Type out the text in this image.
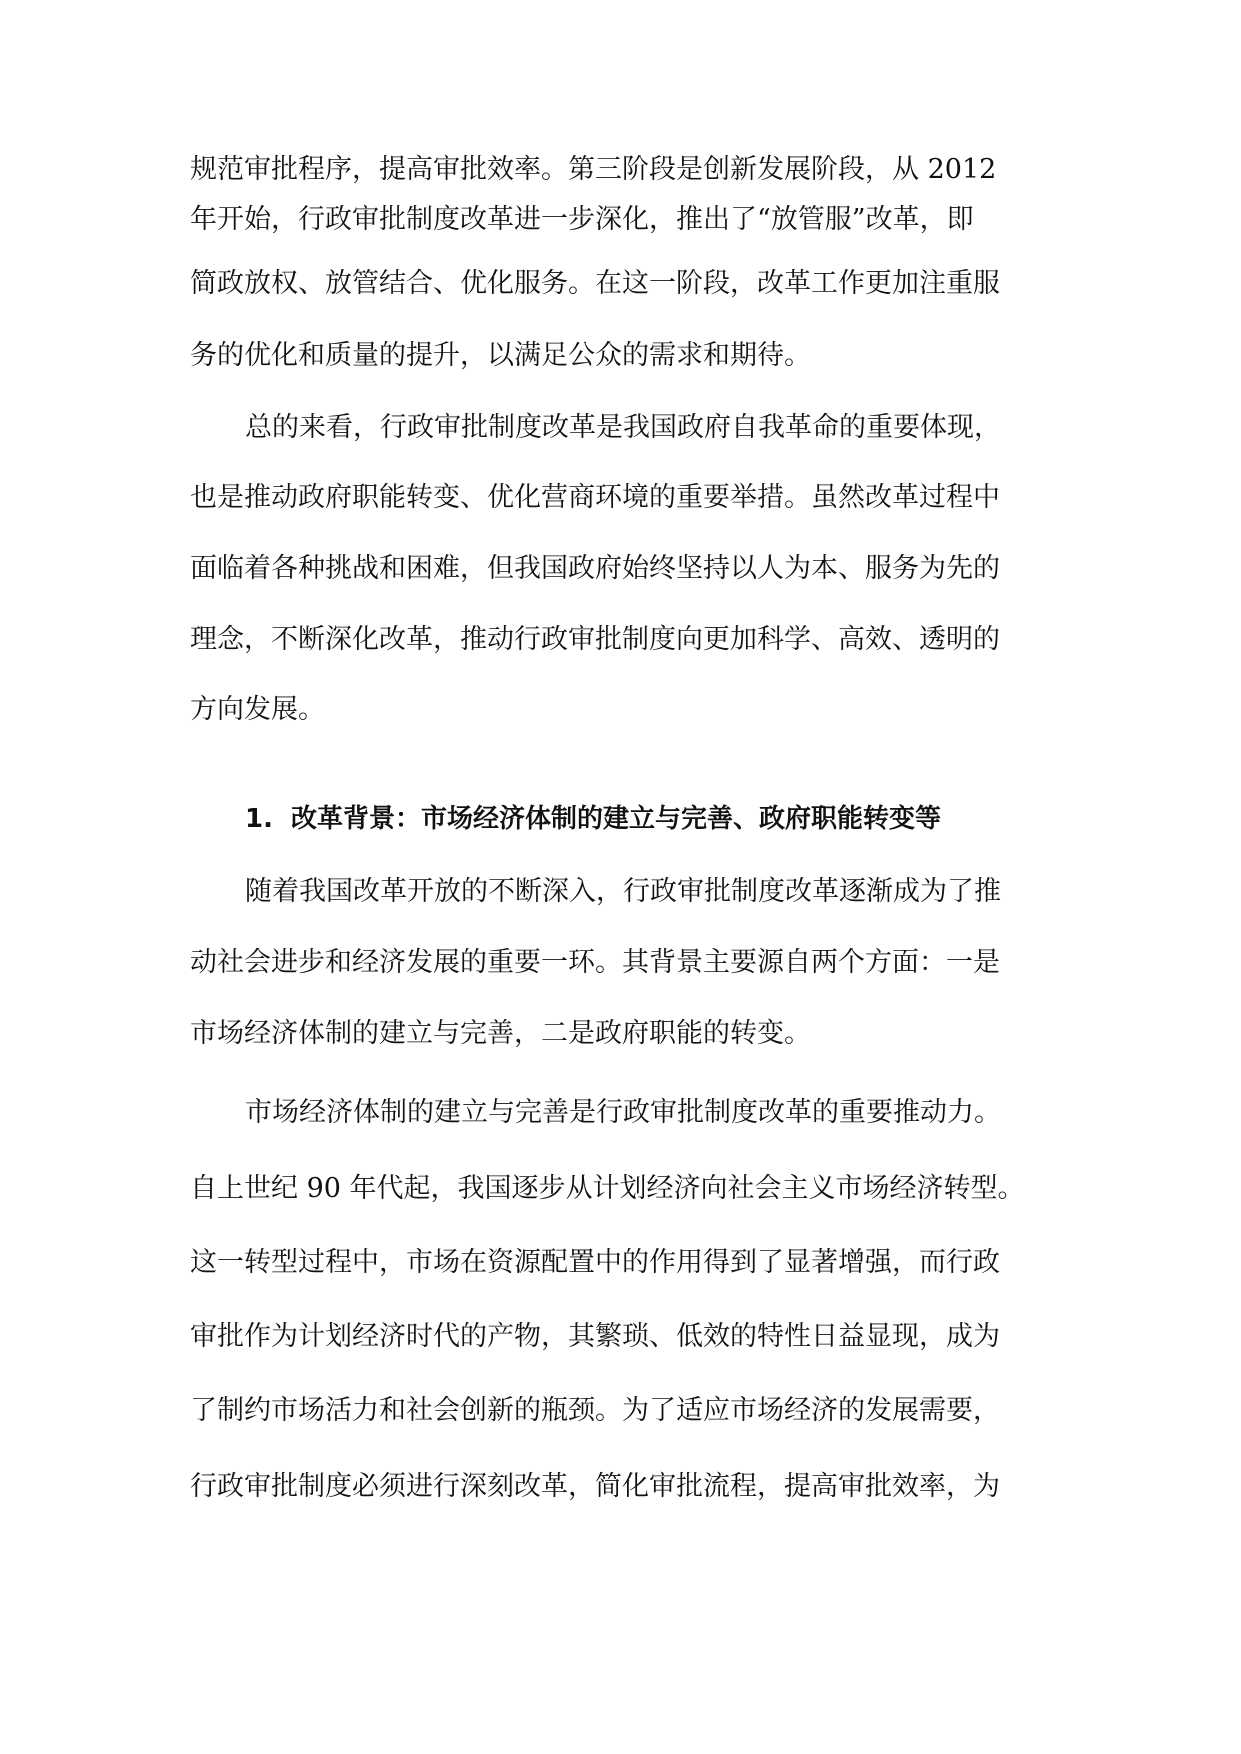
规范审批程序，提高审批效率。第三阶段是创新发展阶段，从 2012
年开始，行政审批制度改革进一步深化，推出了“放管服”改革，即
简政放权、放管结合、优化服务。在这一阶段，改革工作更加注重服
务的优化和质量的提升，以满足公众的需求和期待。
总的来看，行政审批制度改革是我国政府自我革命的重要体现，
也是推动政府职能转变、优化营商环境的重要举措。虽然改革过程中
面临着各种挑战和困难，但我国政府始终坚持以人为本、服务为先的
理念，不断深化改革，推动行政审批制度向更加科学、高效、透明的
方向发展。
1. 改革背景：市场经济体制的建立与完善、政府职能转变等
随着我国改革开放的不断深入，行政审批制度改革逐渐成为了推
动社会进步和经济发展的重要一环。其背景主要源自两个方面：一是
市场经济体制的建立与完善，二是政府职能的转变。
市场经济体制的建立与完善是行政审批制度改革的重要推动力。
自上世纪 90 年代起，我国逐步从计划经济向社会主义市场经济转型。
这一转型过程中，市场在资源配置中的作用得到了显著增强，而行政
审批作为计划经济时代的产物，其繁琐、低效的特性日益显现，成为
了制约市场活力和社会创新的瓶颈。为了适应市场经济的发展需要，
行政审批制度必须进行深刻改革，简化审批流程，提高审批效率，为
